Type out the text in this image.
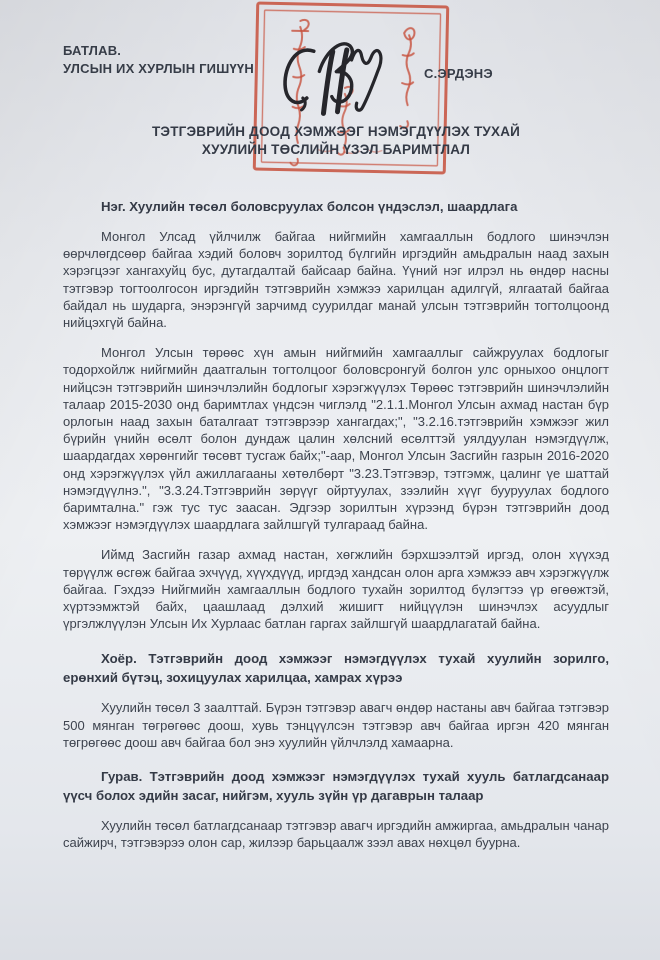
С.ЭРДЭНЭ
БАТЛАВ.
УЛСЫН ИХ ХУРЛЫН ГИШҮҮН
ТЭТГЭВРИЙН ДООД ХЭМЖЭЭГ НЭМЭГДҮҮЛЭХ ТУХАЙ
ХУУЛИЙН ТӨСЛИЙН ҮЗЭЛ БАРИМТЛАЛ

Нэг. Хуулийн төсөл боловсруулах болсон үндэслэл, шаардлага

Монгол Улсад үйлчилж байгаа нийгмийн хамгааллын бодлого шинэчлэн өөрчлөгдсөөр байгаа хэдий боловч зорилтод бүлгийн иргэдийн амьдралын наад захын хэрэгцээг хангахуйц бус, дутагдалтай байсаар байна. Үүний нэг илрэл нь өндөр насны тэтгэвэр тогтоолгосон иргэдийн тэтгэврийн хэмжээ харилцан адилгүй, ялгаатай байгаа байдал нь шударга, энэрэнгүй зарчимд суурилдаг манай улсын тэтгэврийн тогтолцоонд нийцэхгүй байна.

Монгол Улсын төрөөс хүн амын нийгмийн хамгааллыг сайжруулах бодлогыг тодорхойлж нийгмийн даатгалын тогтолцоог боловсронгуй болгон улс орныхоо онцлогт нийцсэн тэтгэврийн шинэчлэлийн бодлогыг хэрэгжүүлэх Төрөөс тэтгэврийн шинэчлэлийн талаар 2015-2030 онд баримтлах үндсэн чиглэлд "2.1.1.Монгол Улсын ахмад настан бүр орлогын наад захын баталгаат тэтгэврээр хангагдах;", "3.2.16.тэтгэврийн хэмжээг жил бүрийн үнийн өсөлт болон дундаж цалин хөлсний өсөлттэй уялдуулан нэмэгдүүлж, шаардагдах хөрөнгийг төсөвт тусгаж байх;"-аар, Монгол Улсын Засгийн газрын 2016-2020 онд хэрэгжүүлэх үйл ажиллагааны хөтөлбөрт "3.23.Тэтгэвэр, тэтгэмж, цалинг үе шаттай нэмэгдүүлнэ.", "3.3.24.Тэтгэврийн зөрүүг ойртуулах, зээлийн хүүг бууруулах бодлого баримтална." гэж тус тус заасан. Эдгээр зорилтын хүрээнд бүрэн тэтгэврийн доод хэмжээг нэмэгдүүлэх шаардлага зайлшгүй тулгараад байна.

Иймд Засгийн газар ахмад настан, хөгжлийн бэрхшээлтэй иргэд, олон хүүхэд төрүүлж өсгөж байгаа эхчүүд, хүүхдүүд, иргдэд хандсан олон арга хэмжээ авч хэрэгжүүлж байгаа. Гэхдээ Нийгмийн хамгааллын бодлого тухайн зорилтод бүлэгтээ үр өгөөжтэй, хүртээмжтэй байх, цаашлаад дэлхий жишигт нийцүүлэн шинэчлэх асуудлыг үргэлжлүүлэн Улсын Их Хурлаас батлан гаргах зайлшгүй шаардлагатай байна.

Хоёр. Тэтгэврийн доод хэмжээг нэмэгдүүлэх тухай хуулийн зорилго, ерөнхий бүтэц, зохицуулах харилцаа, хамрах хүрээ

Хуулийн төсөл 3 заалттай. Бүрэн тэтгэвэр авагч өндөр настаны авч байгаа тэтгэвэр 500 мянган төгрөгөөс доош, хувь тэнцүүлсэн тэтгэвэр авч байгаа иргэн 420 мянган төгрөгөөс доош авч байгаа бол энэ хуулийн үйлчлэлд хамаарна.

Гурав. Тэтгэврийн доод хэмжээг нэмэгдүүлэх тухай хууль батлагдсанаар үүсч болох эдийн засаг, нийгэм, хууль зүйн үр дагаврын талаар

Хуулийн төсөл батлагдсанаар тэтгэвэр авагч иргэдийн амжиргаа, амьдралын чанар сайжирч, тэтгэвэрээ олон сар, жилээр барьцаалж зээл авах нөхцөл буурна.
